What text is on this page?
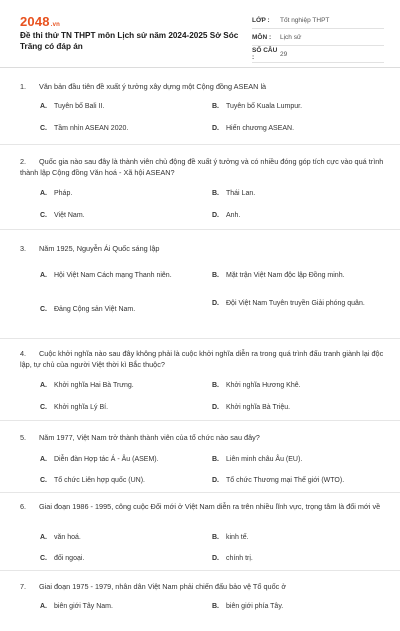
2048.vn
Đề thi thử TN THPT môn Lịch sử năm 2024-2025 Sở Sóc Trăng có đáp án
LỚP :	Tốt nghiệp THPT
MÔN :	Lịch sử
SỐ CÂU :	29
1. Văn bản đầu tiên đề xuất ý tưởng xây dựng một Cộng đồng ASEAN là
A.	Tuyên bố Bali II.	B.	Tuyên bố Kuala Lumpur.
C.	Tầm nhìn ASEAN 2020.	D.	Hiến chương ASEAN.
2. Quốc gia nào sau đây là thành viên chủ động đề xuất ý tưởng và có nhiều đóng góp tích cực vào quá trình thành lập Cộng đồng Văn hoá - Xã hội ASEAN?
A.	Pháp.	B.	Thái Lan.
C.	Việt Nam.	D.	Anh.
3. Năm 1925, Nguyễn Ái Quốc sáng lập
A.	Hội Việt Nam Cách mạng Thanh niên.	B.	Mặt trận Việt Nam độc lập Đồng minh.
C.	Đảng Cộng sản Việt Nam.
D.	Đội Việt Nam Tuyên truyền Giải phóng quân.
4. Cuộc khởi nghĩa nào sau đây không phải là cuộc khởi nghĩa diễn ra trong quá trình đấu tranh giành lại độc lập, tự chủ của người Việt thời kì Bắc thuộc?
A.	Khởi nghĩa Hai Bà Trưng.	B.	Khởi nghĩa Hương Khê.
C.	Khởi nghĩa Lý Bí.	D.	Khởi nghĩa Bà Triệu.
5. Năm 1977, Việt Nam trở thành thành viên của tổ chức nào sau đây?
A.	Diễn đàn Hợp tác Á - Âu (ASEM).	B.	Liên minh châu Âu (EU).
C.	Tổ chức Liên hợp quốc (UN).	D.	Tổ chức Thương mại Thế giới (WTO).
6. Giai đoạn 1986 - 1995, công cuộc Đổi mới ở Việt Nam diễn ra trên nhiều lĩnh vực, trọng tâm là đổi mới về
A.	văn hoá.	B.	kinh tế.
C.	đối ngoại.	D.	chính trị.
7. Giai đoạn 1975 - 1979, nhân dân Việt Nam phải chiến đấu bảo vệ Tổ quốc ở
A.	biên giới Tây Nam.	B.	biên giới phía Tây.
